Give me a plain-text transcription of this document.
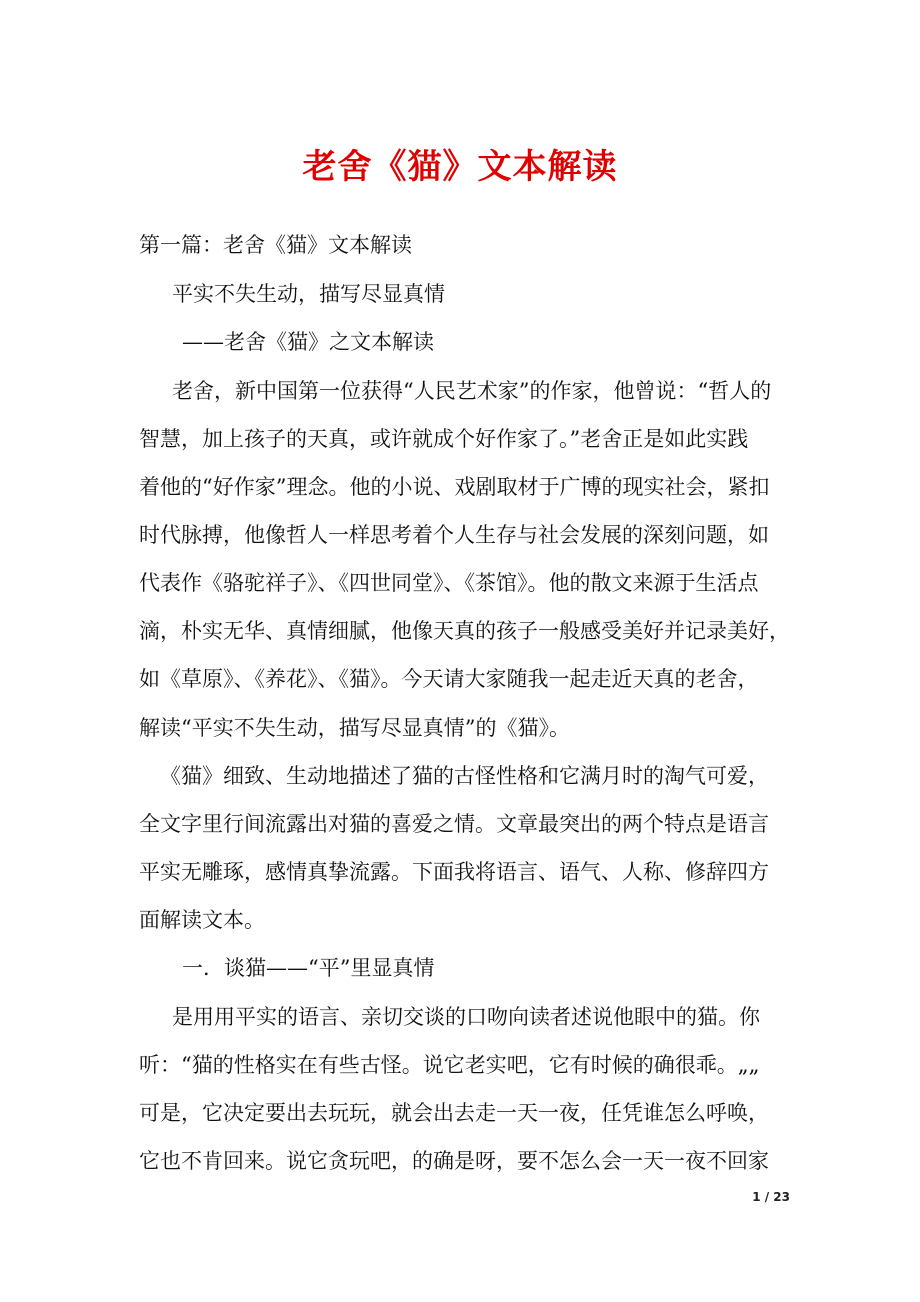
老舍《猫》文本解读
第一篇：老舍《猫》文本解读
平实不失生动，描写尽显真情
——老舍《猫》之文本解读
老舍，新中国第一位获得“人民艺术家”的作家，他曾说：“哲人的
智慧，加上孩子的天真，或许就成个好作家了。”老舍正是如此实践
着他的“好作家”理念。他的小说、戏剧取材于广博的现实社会，紧扣
时代脉搏，他像哲人一样思考着个人生存与社会发展的深刻问题，如
代表作《骆驼祥子》、《四世同堂》、《茶馆》。他的散文来源于生活点
滴，朴实无华、真情细腻，他像天真的孩子一般感受美好并记录美好，
如《草原》、《养花》、《猫》。今天请大家随我一起走近天真的老舍，
解读“平实不失生动，描写尽显真情”的《猫》。
《猫》细致、生动地描述了猫的古怪性格和它满月时的淘气可爱，
全文字里行间流露出对猫的喜爱之情。文章最突出的两个特点是语言
平实无雕琢，感情真挚流露。下面我将语言、语气、人称、修辞四方
面解读文本。
一．谈猫——“平”里显真情
是用用平实的语言、亲切交谈的口吻向读者述说他眼中的猫。你
听：“猫的性格实在有些古怪。说它老实吧，它有时候的确很乖。„„
可是，它决定要出去玩玩，就会出去走一天一夜，任凭谁怎么呼唤，
它也不肯回来。说它贪玩吧，的确是呀，要不怎么会一天一夜不回家
1 / 23
